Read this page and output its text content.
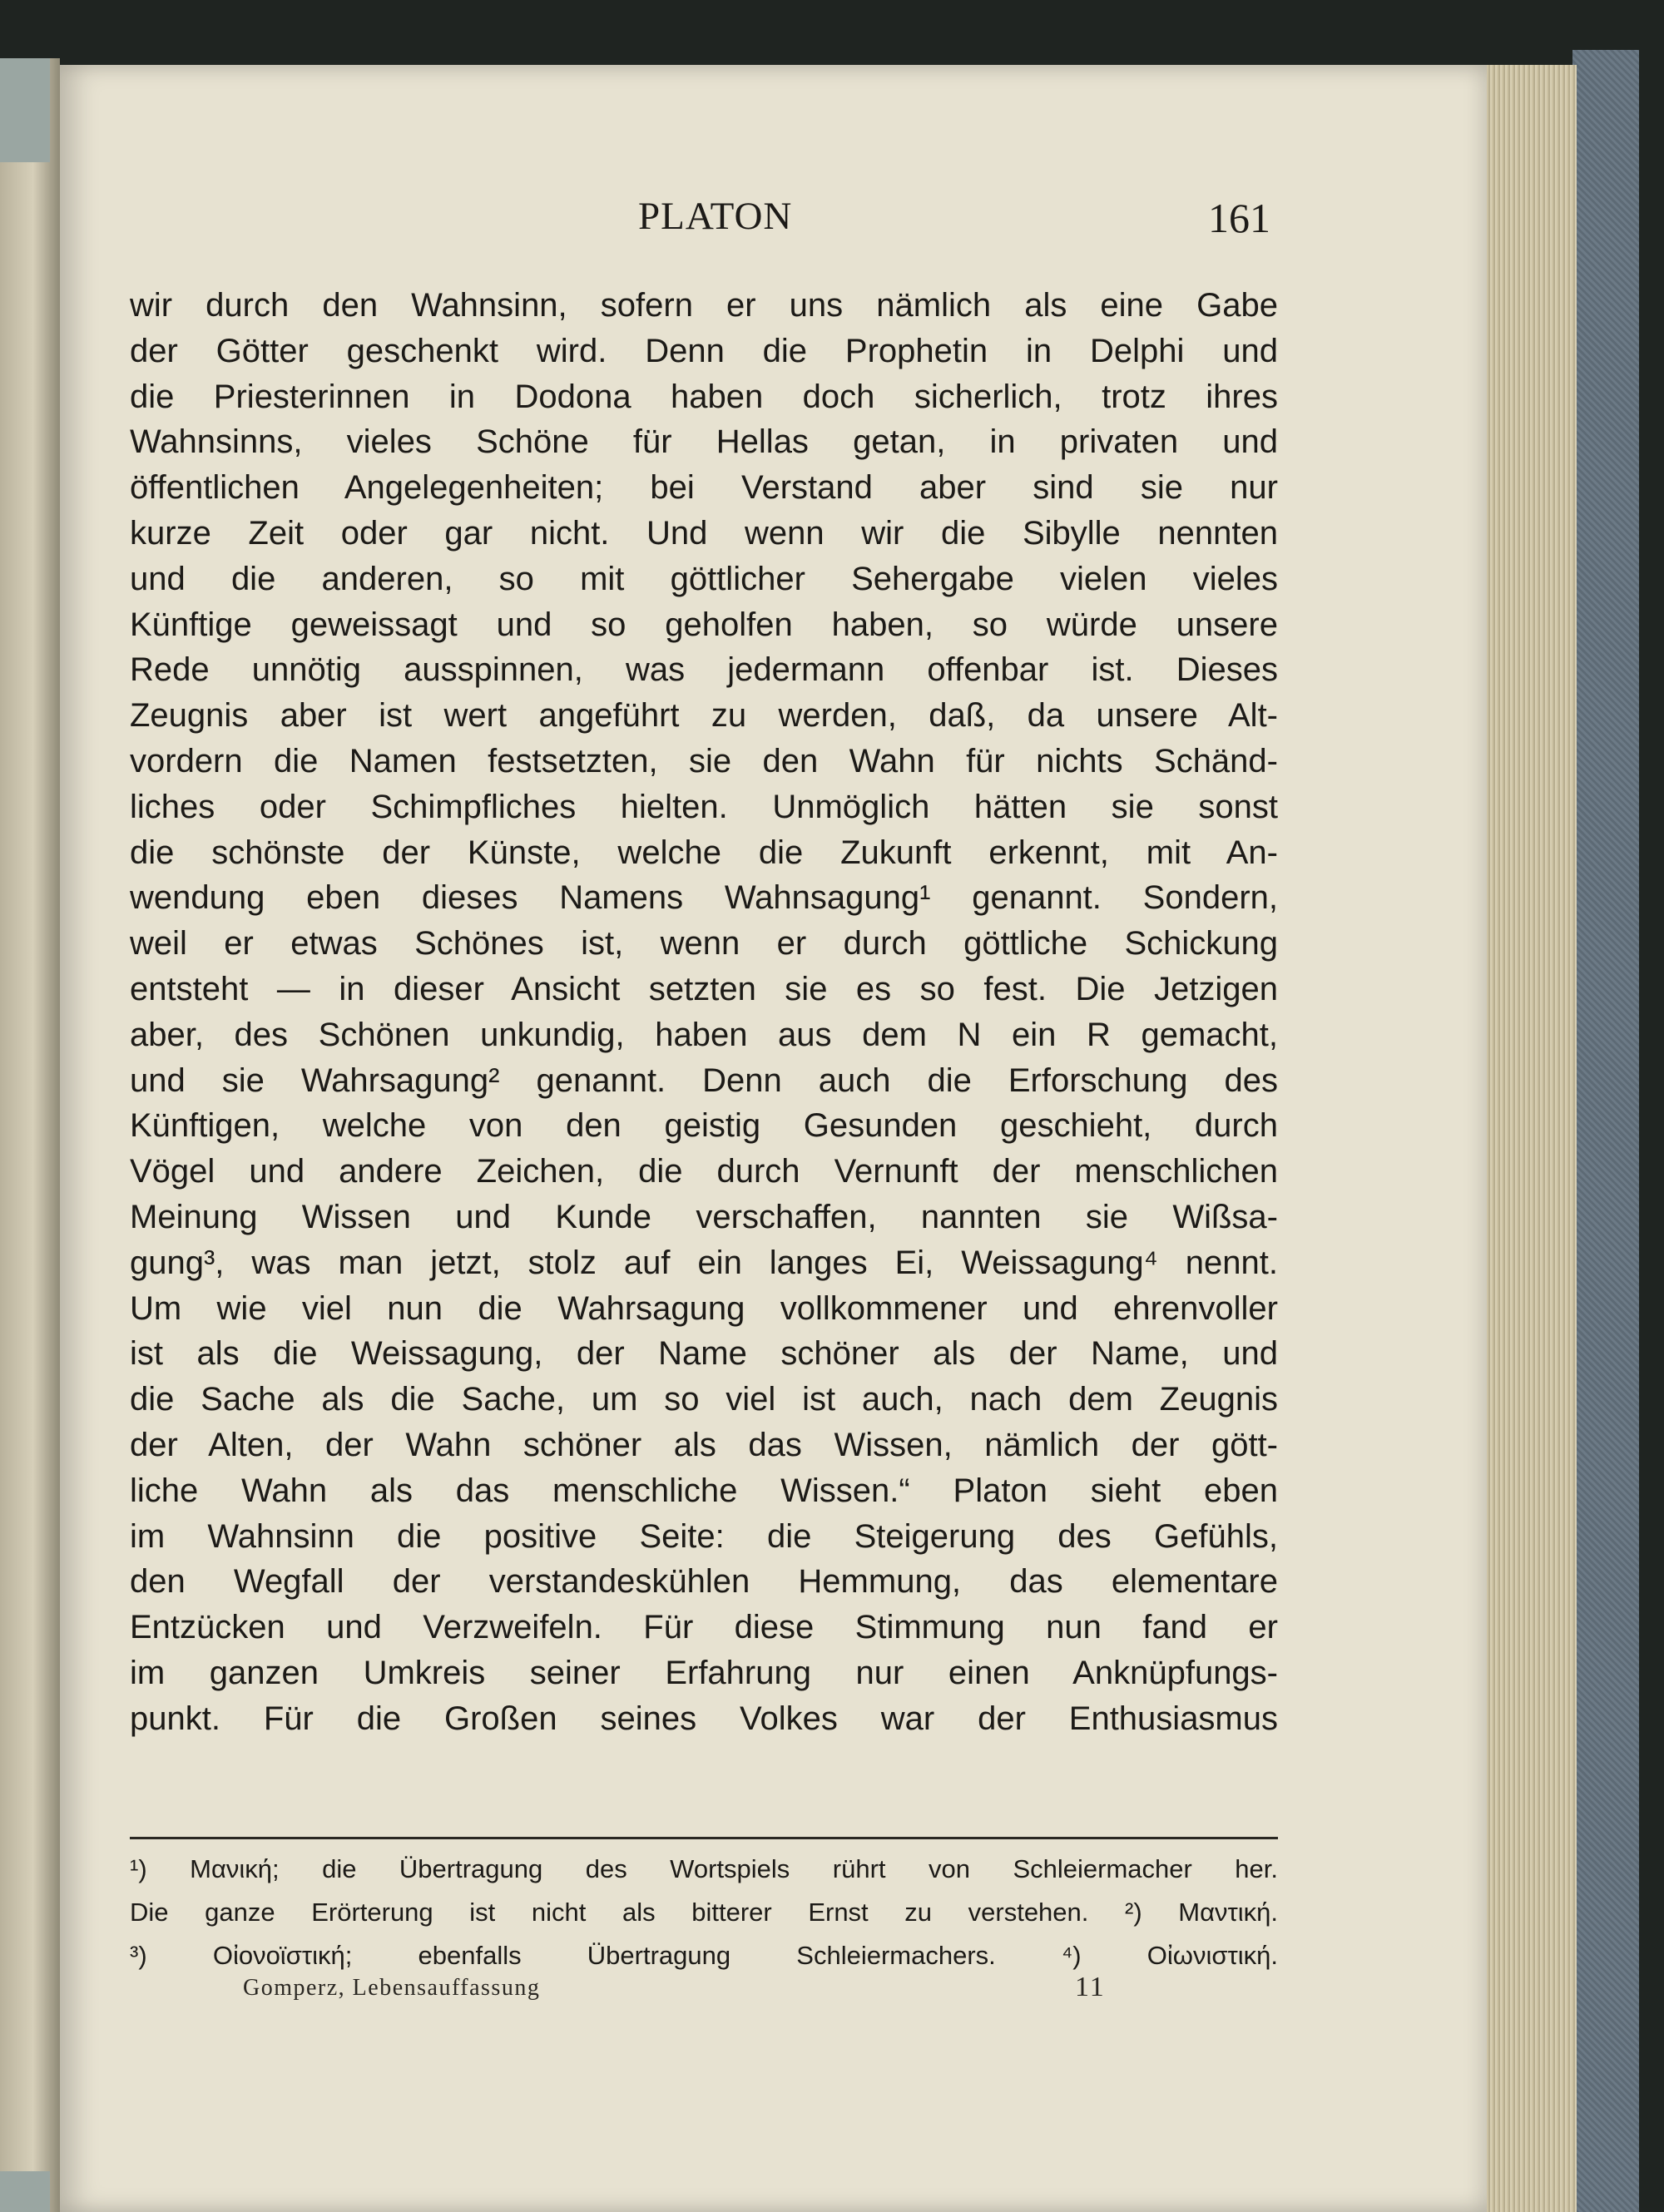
PLATON	161
wir durch den Wahnsinn, sofern er uns nämlich als eine Gabe
der Götter geschenkt wird. Denn die Prophetin in Delphi und
die Priesterinnen in Dodona haben doch sicherlich, trotz ihres
Wahnsinns, vieles Schöne für Hellas getan, in privaten und
öffentlichen Angelegenheiten; bei Verstand aber sind sie nur
kurze Zeit oder gar nicht. Und wenn wir die Sibylle nennten
und die anderen, so mit göttlicher Sehergabe vielen vieles
Künftige geweissagt und so geholfen haben, so würde unsere
Rede unnötig ausspinnen, was jedermann offenbar ist. Dieses
Zeugnis aber ist wert angeführt zu werden, daß, da unsere Alt-
vordern die Namen festsetzten, sie den Wahn für nichts Schänd-
liches oder Schimpfliches hielten. Unmöglich hätten sie sonst
die schönste der Künste, welche die Zukunft erkennt, mit An-
wendung eben dieses Namens Wahnsagung¹ genannt. Sondern,
weil er etwas Schönes ist, wenn er durch göttliche Schickung
entsteht — in dieser Ansicht setzten sie es so fest. Die Jetzigen
aber, des Schönen unkundig, haben aus dem N ein R gemacht,
und sie Wahrsagung² genannt. Denn auch die Erforschung des
Künftigen, welche von den geistig Gesunden geschieht, durch
Vögel und andere Zeichen, die durch Vernunft der menschlichen
Meinung Wissen und Kunde verschaffen, nannten sie Wißsa-
gung³, was man jetzt, stolz auf ein langes Ei, Weissagung⁴ nennt.
Um wie viel nun die Wahrsagung vollkommener und ehrenvoller
ist als die Weissagung, der Name schöner als der Name, und
die Sache als die Sache, um so viel ist auch, nach dem Zeugnis
der Alten, der Wahn schöner als das Wissen, nämlich der gött-
liche Wahn als das menschliche Wissen.“ Platon sieht eben
im Wahnsinn die positive Seite: die Steigerung des Gefühls,
den Wegfall der verstandeskühlen Hemmung, das elementare
Entzücken und Verzweifeln. Für diese Stimmung nun fand er
im ganzen Umkreis seiner Erfahrung nur einen Anknüpfungs-
punkt. Für die Großen seines Volkes war der Enthusiasmus
¹) Μανική; die Übertragung des Wortspiels rührt von Schleiermacher her.
Die ganze Erörterung ist nicht als bitterer Ernst zu verstehen. ²) Μαντική.
³) Οἰονοϊστική; ebenfalls Übertragung Schleiermachers. ⁴) Οἰωνιστική.
Gomperz, Lebensauffassung	11
